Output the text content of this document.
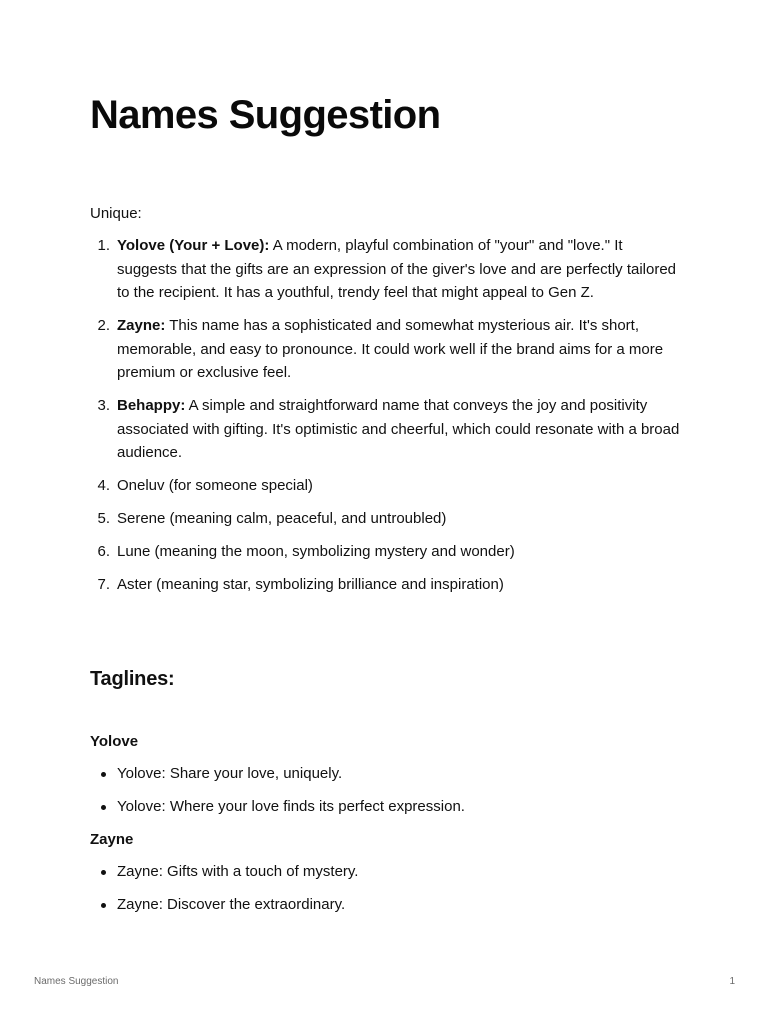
Names Suggestion

Unique:

Yolove (Your + Love): A modern, playful combination of "your" and "love." It suggests that the gifts are an expression of the giver's love and are perfectly tailored to the recipient. It has a youthful, trendy feel that might appeal to Gen Z.
Zayne: This name has a sophisticated and somewhat mysterious air. It's short, memorable, and easy to pronounce. It could work well if the brand aims for a more premium or exclusive feel.
Behappy: A simple and straightforward name that conveys the joy and positivity associated with gifting. It's optimistic and cheerful, which could resonate with a broad audience.
Oneluv (for someone special)
Serene (meaning calm, peaceful, and untroubled)
Lune (meaning the moon, symbolizing mystery and wonder)
Aster (meaning star, symbolizing brilliance and inspiration)
Taglines:

Yolove

Yolove: Share your love, uniquely.
Yolove: Where your love finds its perfect expression.

Zayne

Zayne: Gifts with a touch of mystery.
Zayne: Discover the extraordinary.
Names Suggestion	1
